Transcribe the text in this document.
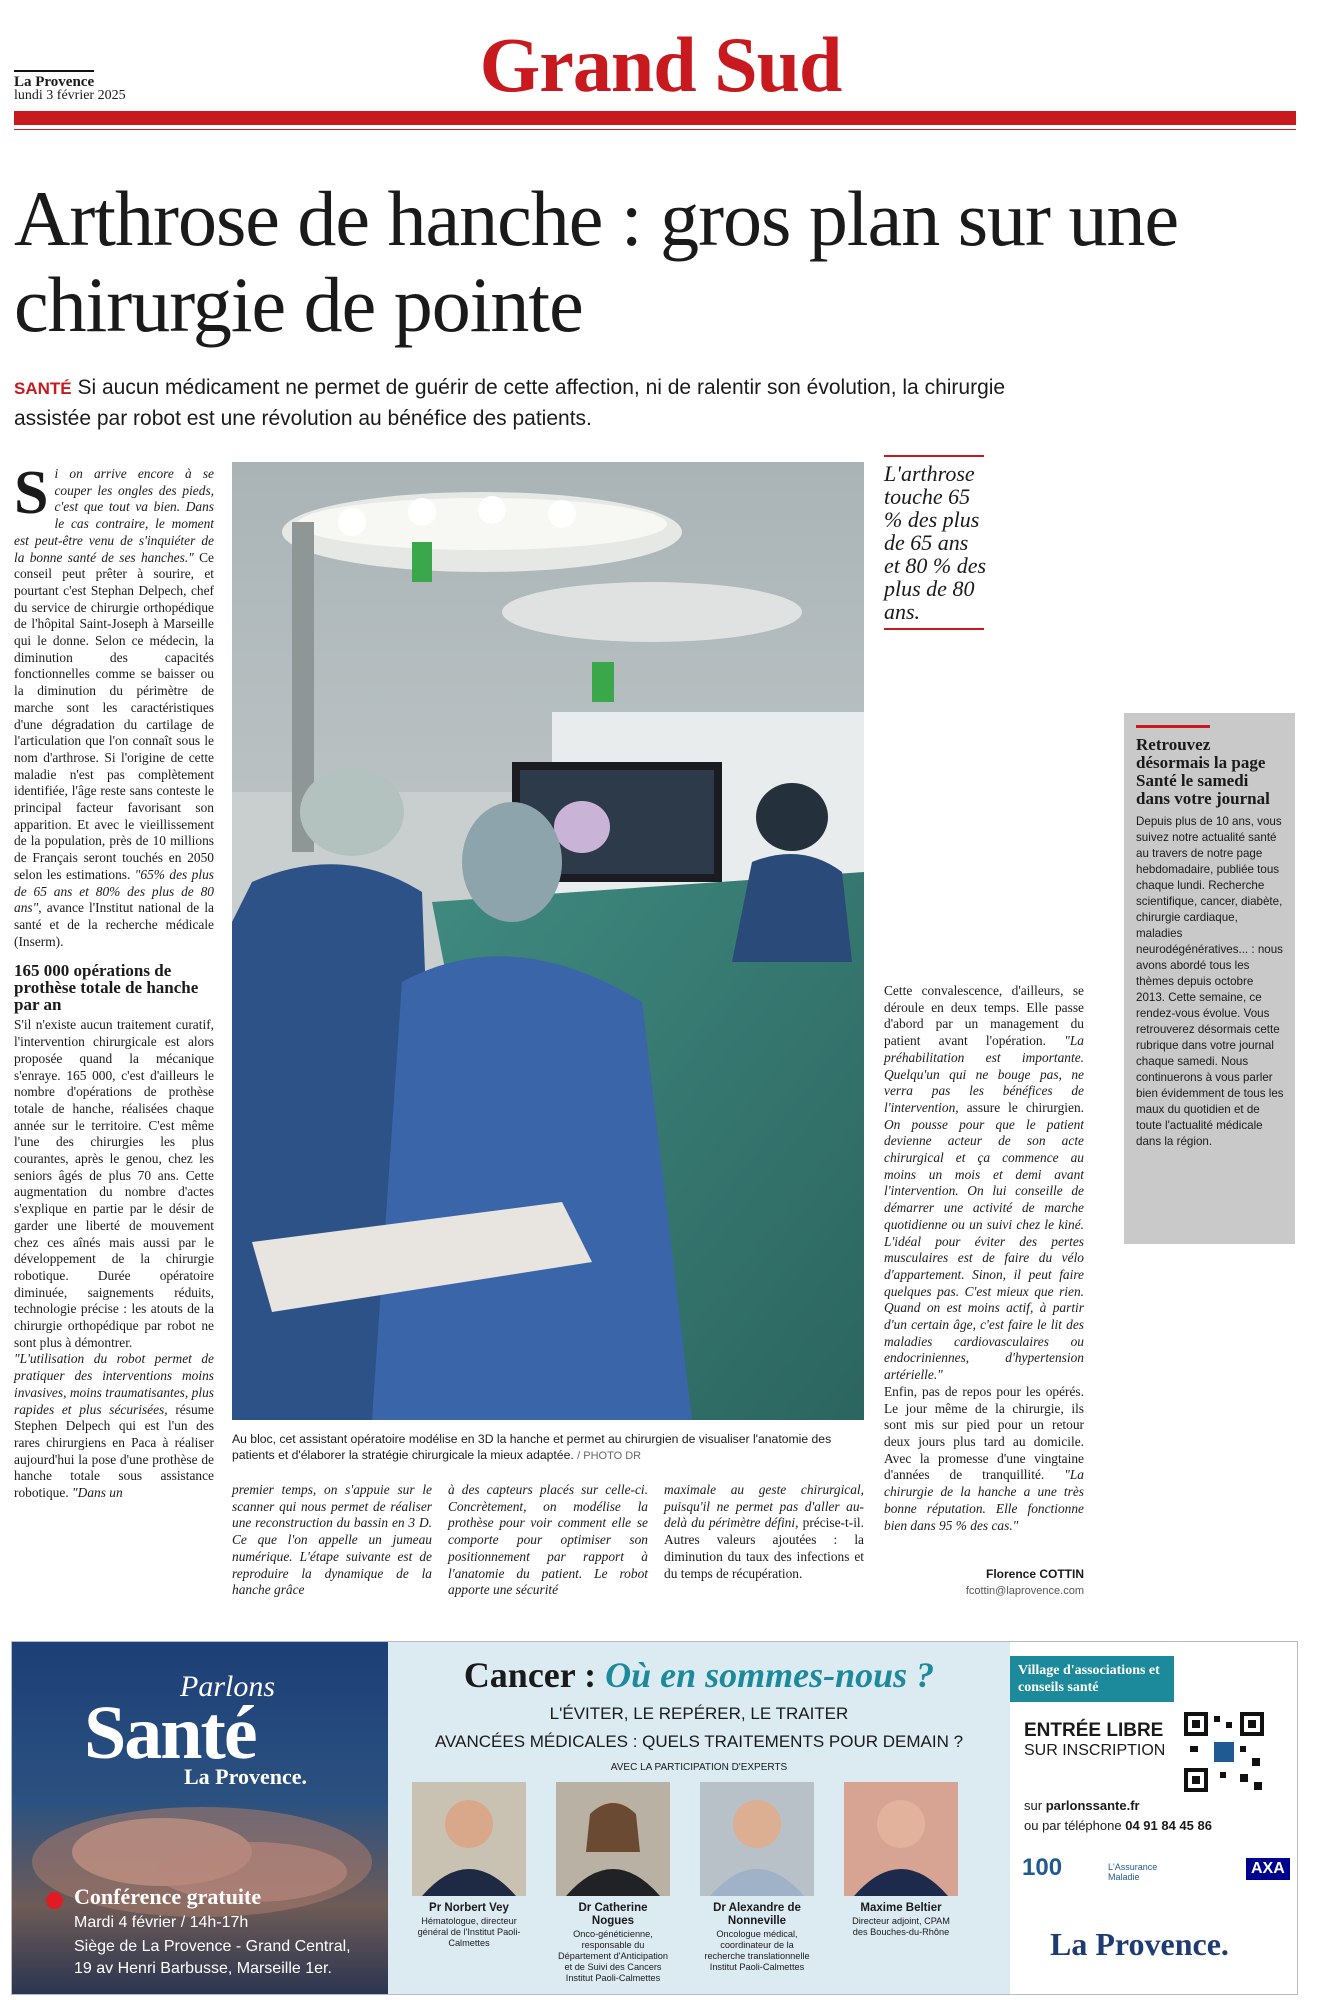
La Provence
lundi 3 février 2025	Grand Sud
Arthrose de hanche : gros plan sur une chirurgie de pointe
SANTÉ Si aucun médicament ne permet de guérir de cette affection, ni de ralentir son évolution, la chirurgie assistée par robot est une révolution au bénéfice des patients.

S i on arrive encore à se couper les ongles des pieds, c'est que tout va bien. Dans le cas contraire, le moment est peut-être venu de s'inquiéter de la bonne santé de ses hanches." Ce conseil peut prêter à sourire, et pourtant c'est Stephan Delpech, chef du service de chirurgie orthopédique de l'hôpital Saint-Joseph à Marseille qui le donne. Selon ce médecin, la diminution des capacités fonctionnelles comme se baisser ou la diminution du périmètre de marche sont les caractéristiques d'une dégradation du cartilage de l'articulation que l'on connaît sous le nom d'arthrose. Si l'origine de cette maladie n'est pas complètement identifiée, l'âge reste sans conteste le principal facteur favorisant son apparition. Et avec le vieillissement de la population, près de 10 millions de Français seront touchés en 2050 selon les estimations. "65% des plus de 65 ans et 80% des plus de 80 ans", avance l'Institut national de la santé et de la recherche médicale (Inserm).

165 000 opérations de prothèse totale de hanche par an

S'il n'existe aucun traitement curatif, l'intervention chirurgicale est alors proposée quand la mécanique s'enraye. 165 000, c'est d'ailleurs le nombre d'opérations de prothèse totale de hanche, réalisées chaque année sur le territoire. C'est même l'une des chirurgies les plus courantes, après le genou, chez les seniors âgés de plus 70 ans. Cette augmentation du nombre d'actes s'explique en partie par le désir de garder une liberté de mouvement chez ces aînés mais aussi par le développement de la chirurgie robotique. Durée opératoire diminuée, saignements réduits, technologie précise : les atouts de la chirurgie orthopédique par robot ne sont plus à démontrer.

"L'utilisation du robot permet de pratiquer des interventions moins invasives, moins traumatisantes, plus rapides et plus sécurisées, résume Stephen Delpech qui est l'un des rares chirurgiens en Paca à réaliser aujourd'hui la pose d'une prothèse de hanche totale sous assistance robotique. "Dans un

Au bloc, cet assistant opératoire modélise en 3D la hanche et permet au chirurgien de visualiser l'anatomie des patients et d'élaborer la stratégie chirurgicale la mieux adaptée. / PHOTO DR

premier temps, on s'appuie sur le scanner qui nous permet de réaliser une reconstruction du bassin en 3 D. Ce que l'on appelle un jumeau numérique. L'étape suivante est de reproduire la dynamique de la hanche grâce

à des capteurs placés sur celle-ci. Concrètement, on modélise la prothèse pour voir comment elle se comporte pour optimiser son positionnement par rapport à l'anatomie du patient. Le robot apporte une sécurité

maximale au geste chirurgical, puisqu'il ne permet pas d'aller au-delà du périmètre défini, précise-t-il. Autres valeurs ajoutées : la diminution du taux des infections et du temps de récupération.

L'arthrose touche 65 % des plus de 65 ans et 80 % des plus de 80 ans.

Cette convalescence, d'ailleurs, se déroule en deux temps. Elle passe d'abord par un management du patient avant l'opération. "La préhabilitation est importante. Quelqu'un qui ne bouge pas, ne verra pas les bénéfices de l'intervention, assure le chirurgien. On pousse pour que le patient devienne acteur de son acte chirurgical et ça commence au moins un mois et demi avant l'intervention. On lui conseille de démarrer une activité de marche quotidienne ou un suivi chez le kiné. L'idéal pour éviter des pertes musculaires est de faire du vélo d'appartement. Sinon, il peut faire quelques pas. C'est mieux que rien. Quand on est moins actif, à partir d'un certain âge, c'est faire le lit des maladies cardiovasculaires ou endocriniennes, d'hypertension artérielle."

Enfin, pas de repos pour les opérés. Le jour même de la chirurgie, ils sont mis sur pied pour un retour deux jours plus tard au domicile. Avec la promesse d'une vingtaine d'années de tranquillité. "La chirurgie de la hanche a une très bonne réputation. Elle fonctionne bien dans 95 % des cas."

Florence COTTIN
fcottin@laprovence.com
Retrouvez désormais la page Santé le samedi dans votre journal

Depuis plus de 10 ans, vous suivez notre actualité santé au travers de notre page hebdomadaire, publiée tous chaque lundi. Recherche scientifique, cancer, diabète, chirurgie cardiaque, maladies neurodégénératives... : nous avons abordé tous les thèmes depuis octobre 2013. Cette semaine, ce rendez-vous évolue. Vous retrouverez désormais cette rubrique dans votre journal chaque samedi. Nous continuerons à vous parler bien évidemment de tous les maux du quotidien et de toute l'actualité médicale dans la région.

Parlons
Santé
La Provence.
Conférence gratuite
Mardi 4 février / 14h-17h
Siège de La Provence - Grand Central,
19 av Henri Barbusse, Marseille 1er.
Cancer : Où en sommes-nous ?
L'ÉVITER, LE REPÉRER, LE TRAITER
AVANCÉES MÉDICALES : QUELS TRAITEMENTS POUR DEMAIN ?
AVEC LA PARTICIPATION D'EXPERTS
Pr Norbert Vey
Hématologue, directeur général de l'Institut Paoli-Calmettes
Dr Catherine Nogues
Onco-généticienne, responsable du Département d'Anticipation et de Suivi des Cancers Institut Paoli-Calmettes
Dr Alexandre de Nonneville
Oncologue médical, coordinateur de la recherche translationnelle Institut Paoli-Calmettes
Maxime Beltier
Directeur adjoint, CPAM des Bouches-du-Rhône
Village d'associations et conseils santé
ENTRÉE LIBRE
SUR INSCRIPTION
sur parlonssante.fr
ou par téléphone 04 91 84 45 86
100	L'Assurance Maladie	AXA
La Provence.
